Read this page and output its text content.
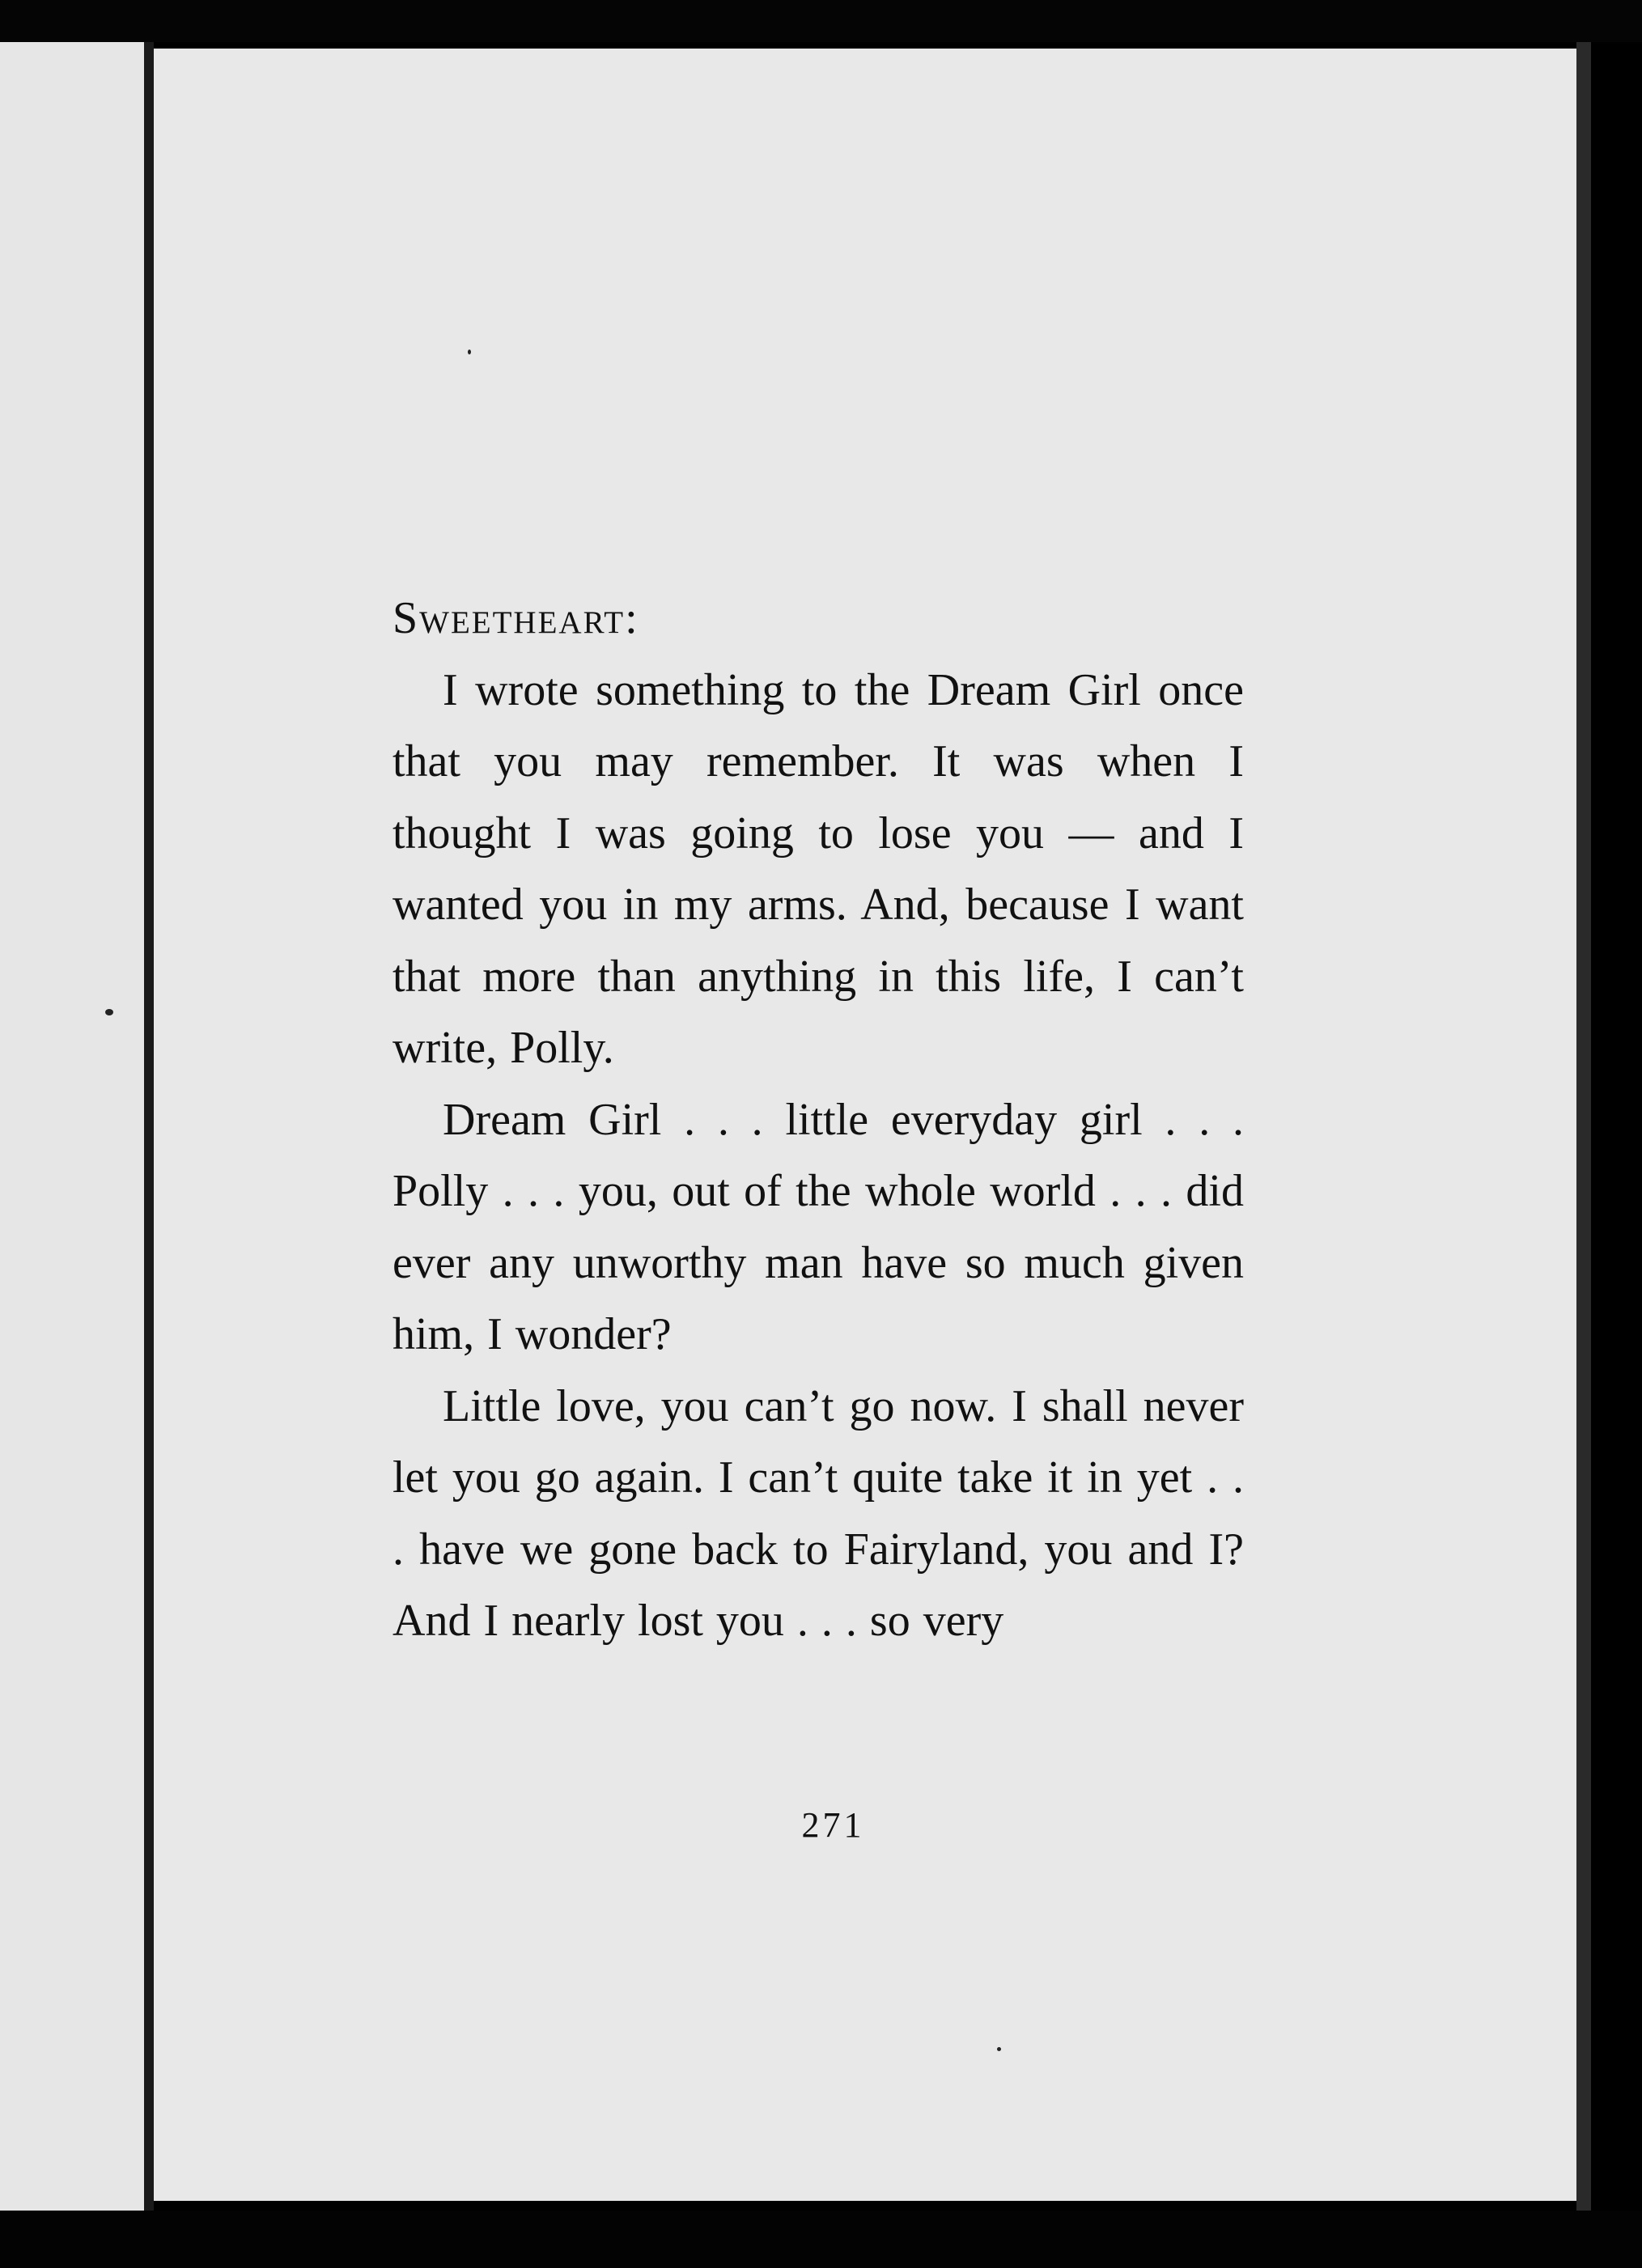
Sweetheart:

I wrote something to the Dream Girl once that you may remember. It was when I thought I was going to lose you — and I wanted you in my arms. And, because I want that more than anything in this life, I can’t write, Polly.

Dream Girl . . . little everyday girl . . . Polly . . . you, out of the whole world . . . did ever any unworthy man have so much given him, I wonder?

Little love, you can’t go now. I shall never let you go again. I can’t quite take it in yet . . . have we gone back to Fairyland, you and I? And I nearly lost you . . . so very

271
